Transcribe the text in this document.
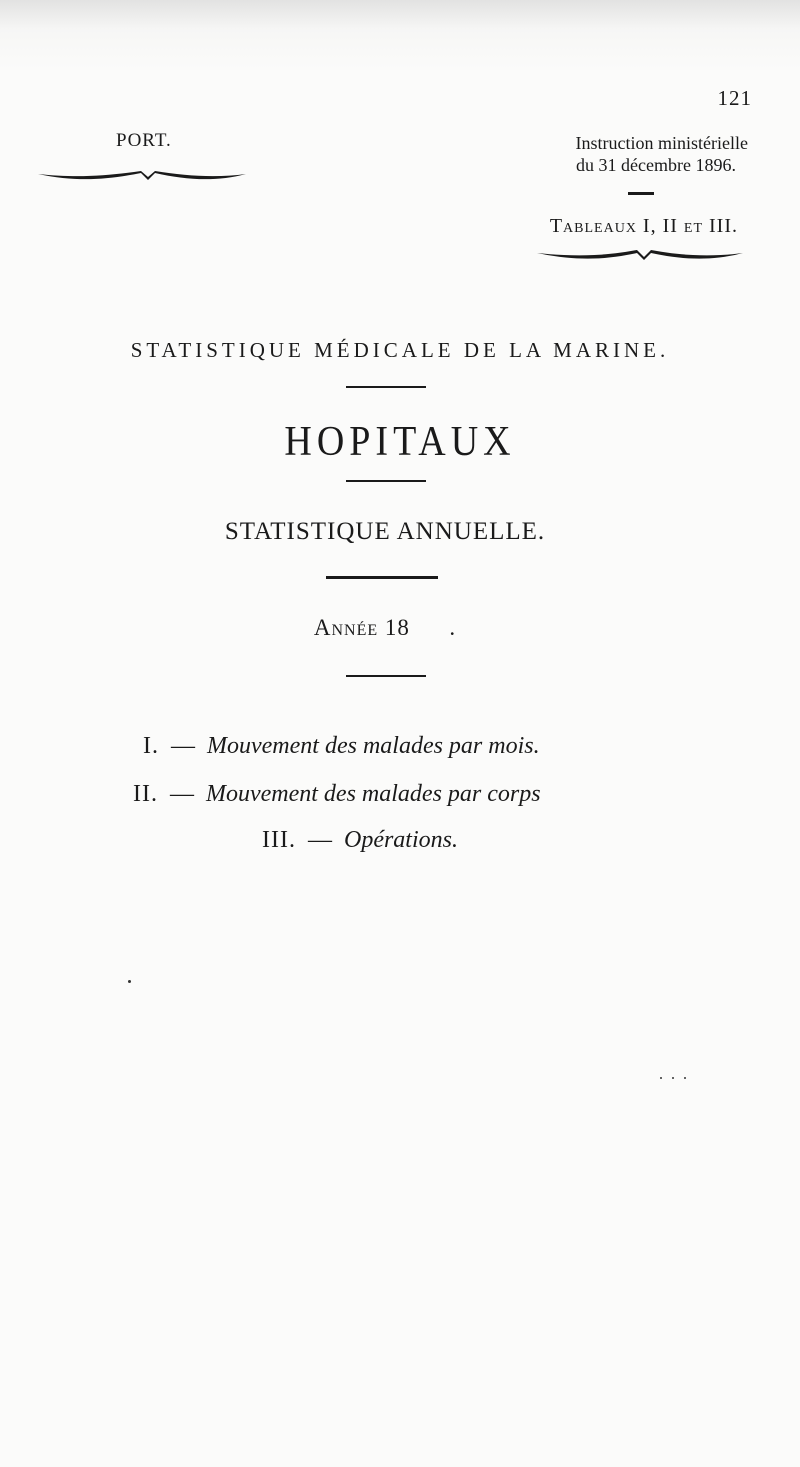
121
PORT.	Instruction ministérielle
du 31 décembre 1896.
Tableaux I, II et III.
STATISTIQUE MÉDICALE DE LA MARINE.
HOPITAUX
STATISTIQUE ANNUELLE.
Année 18 .
I. — Mouvement des malades par mois.
II. — Mouvement des malades par corps
III. — Opérations.
